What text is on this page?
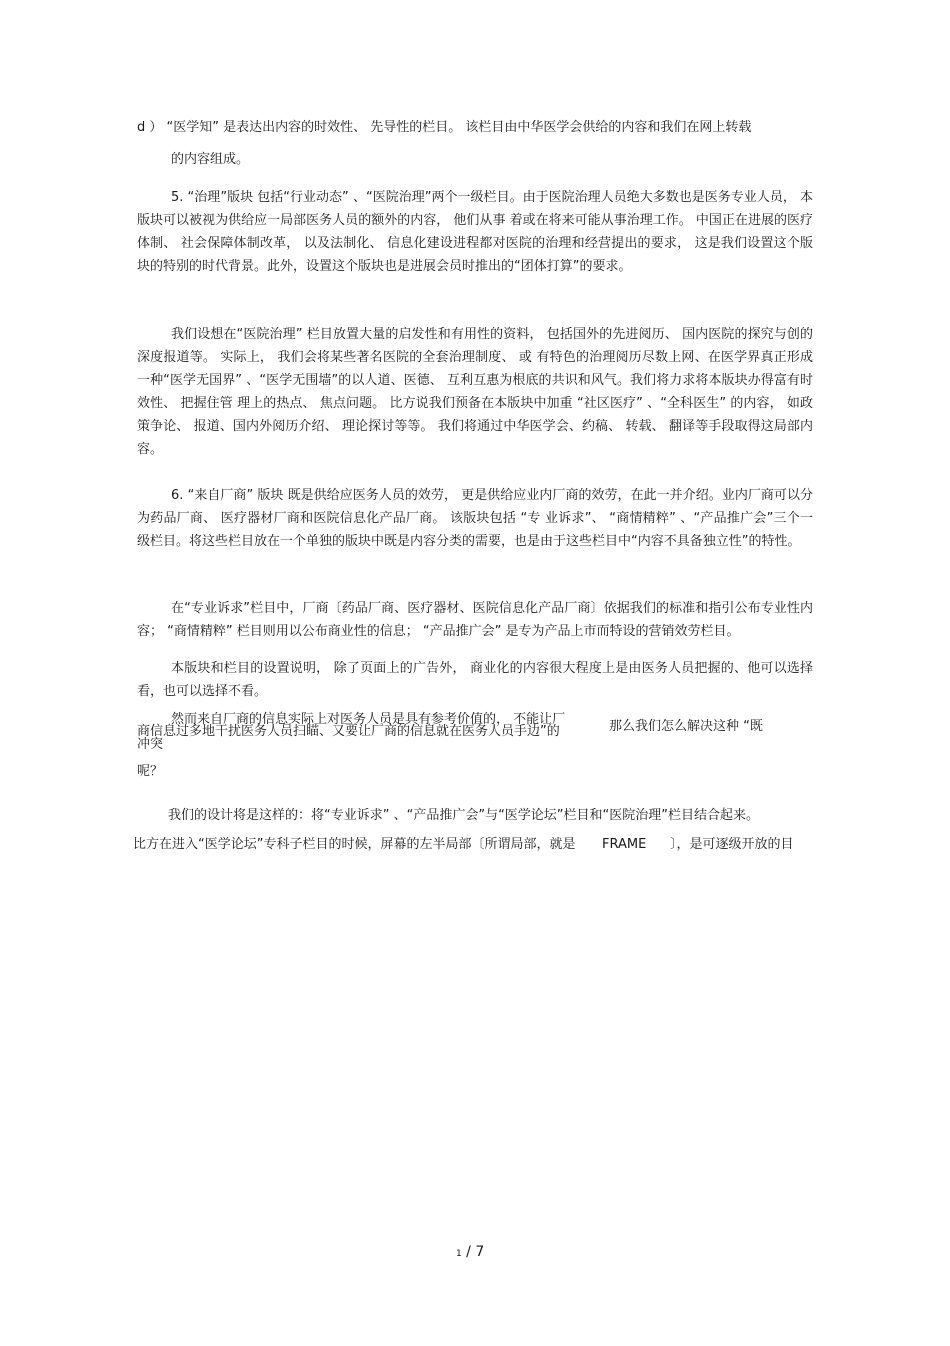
d ） “医学知” 是表达出内容的时效性、 先导性的栏目。 该栏目由中华医学会供给的内容和我们在网上转载

的内容组成。

5. “治理”版块 包括“行业动态” 、“医院治理”两个一级栏目。由于医院治理人员绝大多数也是医务专业人员， 本版块可以被视为供给应一局部医务人员的额外的内容， 他们从事 着或在将来可能从事治理工作。 中国正在进展的医疗体制、 社会保障体制改革， 以及法制化、 信息化建设进程都对医院的治理和经营提出的要求， 这是我们设置这个版块的特别的时代背景。此外，设置这个版块也是进展会员时推出的“团体打算”的要求。

我们设想在“医院治理” 栏目放置大量的启发性和有用性的资料， 包括国外的先进阅历、 国内医院的探究与创的深度报道等。 实际上， 我们会将某些著名医院的全套治理制度、 或 有特色的治理阅历尽数上网、在医学界真正形成一种“医学无国界” 、“医学无围墙”的以人道、医德、 互利互惠为根底的共识和风气。我们将力求将本版块办得富有时效性、 把握住管 理上的热点、 焦点问题。 比方说我们预备在本版块中加重 “社区医疗” 、“全科医生” 的内容， 如政策争论、 报道、国内外阅历介绍、 理论探讨等等。 我们将通过中华医学会、约稿、 转载、 翻译等手段取得这局部内容。

6. “来自厂商” 版块 既是供给应医务人员的效劳， 更是供给应业内厂商的效劳，在此一并介绍。业内厂商可以分为药品厂商、 医疗器材厂商和医院信息化产品厂商。 该版块包括 “专 业诉求”、 “商情精粹” 、“产品推广会”三个一级栏目。将这些栏目放在一个单独的版块中既是内容分类的需要，也是由于这些栏目中“内容不具备独立性”的特性。

在“专业诉求”栏目中，厂商〔药品厂商、医疗器材、医院信息化产品厂商〕依据我们的标准和指引公布专业性内容； “商情精粹” 栏目则用以公布商业性的信息； “产品推广会” 是专为产品上市而特设的营销效劳栏目。

本版块和栏目的设置说明， 除了页面上的广告外， 商业化的内容很大程度上是由医务人员把握的、他可以选择看，也可以选择不看。

然而来自厂商的信息实际上对医务人员是具有参考价值的， 不能让厂	那么我们怎么解决这种 “既

商信息过多地干扰医务人员扫瞄、又要让厂商的信息就在医务人员手边”的

冲突

呢？

我们的设计将是这样的：将“专业诉求” 、“产品推广会”与“医学论坛”栏目和“医院治理”栏目结合起来。

比方在进入“医学论坛”专科子栏目的时候，屏幕的左半局部〔所谓局部，就是 FRAME 〕，是可逐级开放的目

1 / 7
